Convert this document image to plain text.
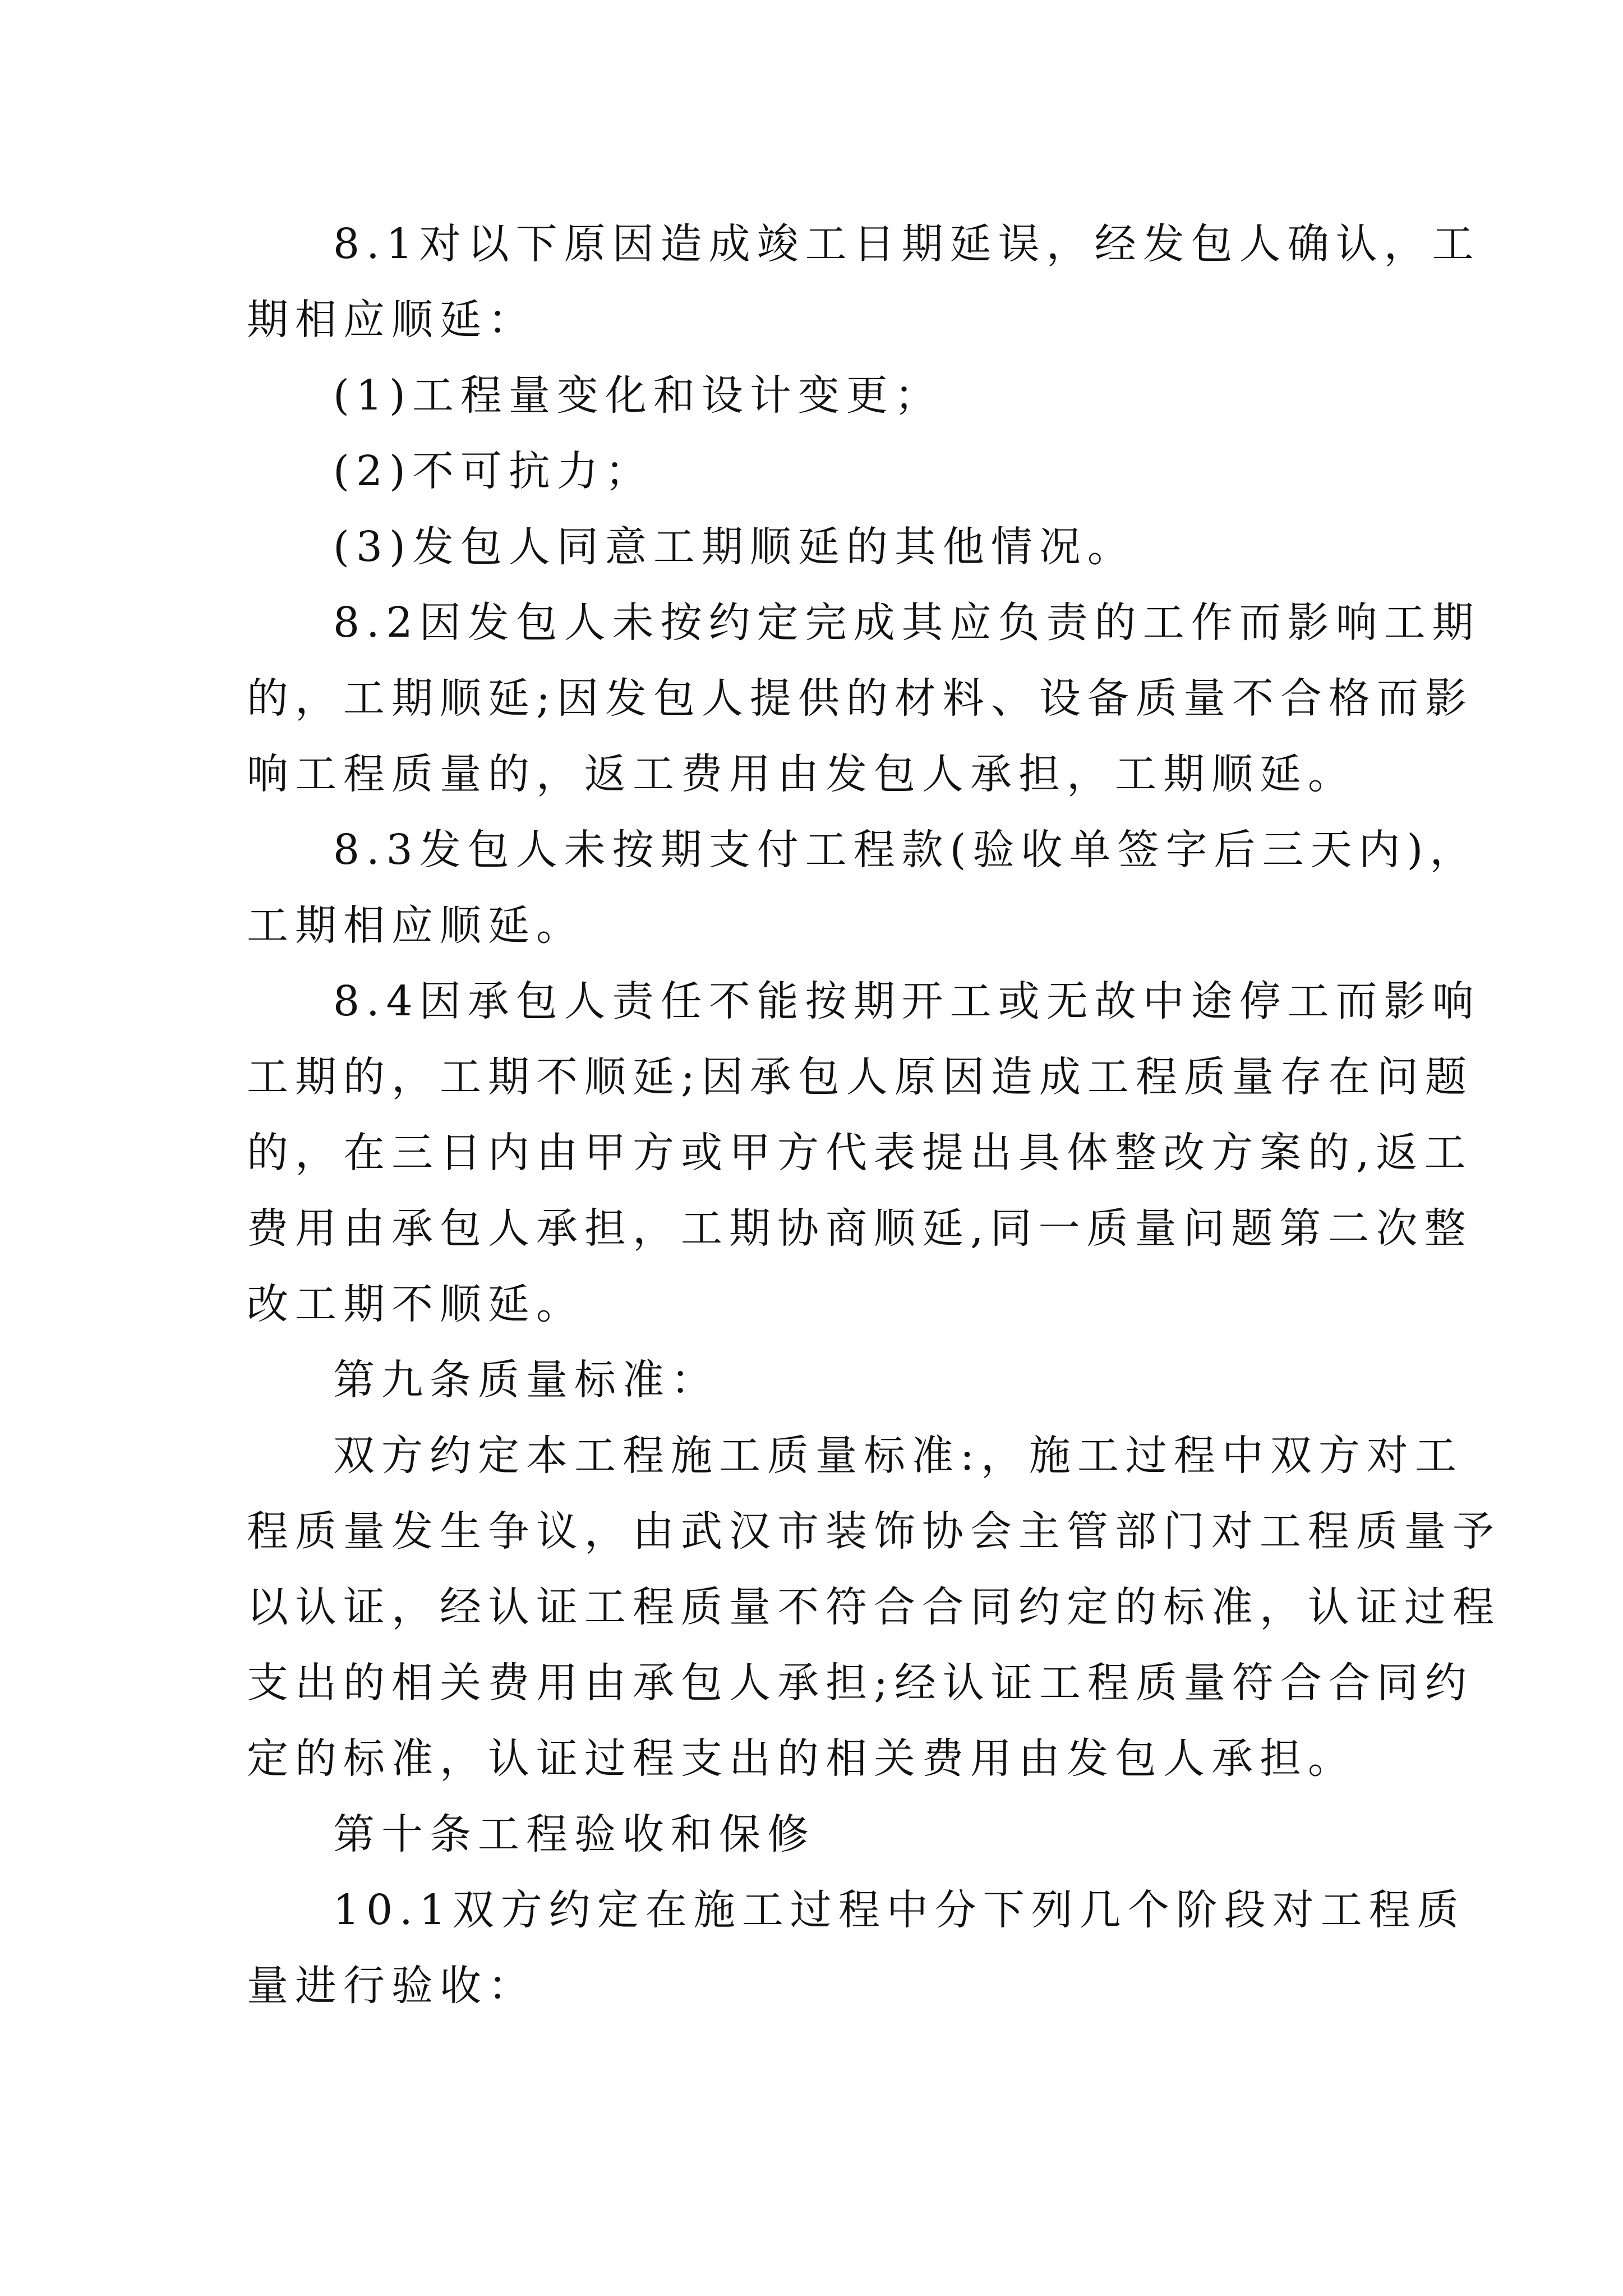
8.1对以下原因造成竣工日期延误，经发包人确认，工
期相应顺延：
(1)工程量变化和设计变更；
(2)不可抗力；
(3)发包人同意工期顺延的其他情况。
8.2因发包人未按约定完成其应负责的工作而影响工期
的，工期顺延;因发包人提供的材料、设备质量不合格而影
响工程质量的，返工费用由发包人承担，工期顺延。
8.3发包人未按期支付工程款(验收单签字后三天内)，
工期相应顺延。
8.4因承包人责任不能按期开工或无故中途停工而影响
工期的，工期不顺延;因承包人原因造成工程质量存在问题
的，在三日内由甲方或甲方代表提出具体整改方案的,返工
费用由承包人承担，工期协商顺延,同一质量问题第二次整
改工期不顺延。
第九条质量标准：
双方约定本工程施工质量标准:，施工过程中双方对工
程质量发生争议，由武汉市装饰协会主管部门对工程质量予
以认证，经认证工程质量不符合合同约定的标准，认证过程
支出的相关费用由承包人承担;经认证工程质量符合合同约
定的标准，认证过程支出的相关费用由发包人承担。
第十条工程验收和保修
10.1双方约定在施工过程中分下列几个阶段对工程质
量进行验收：
